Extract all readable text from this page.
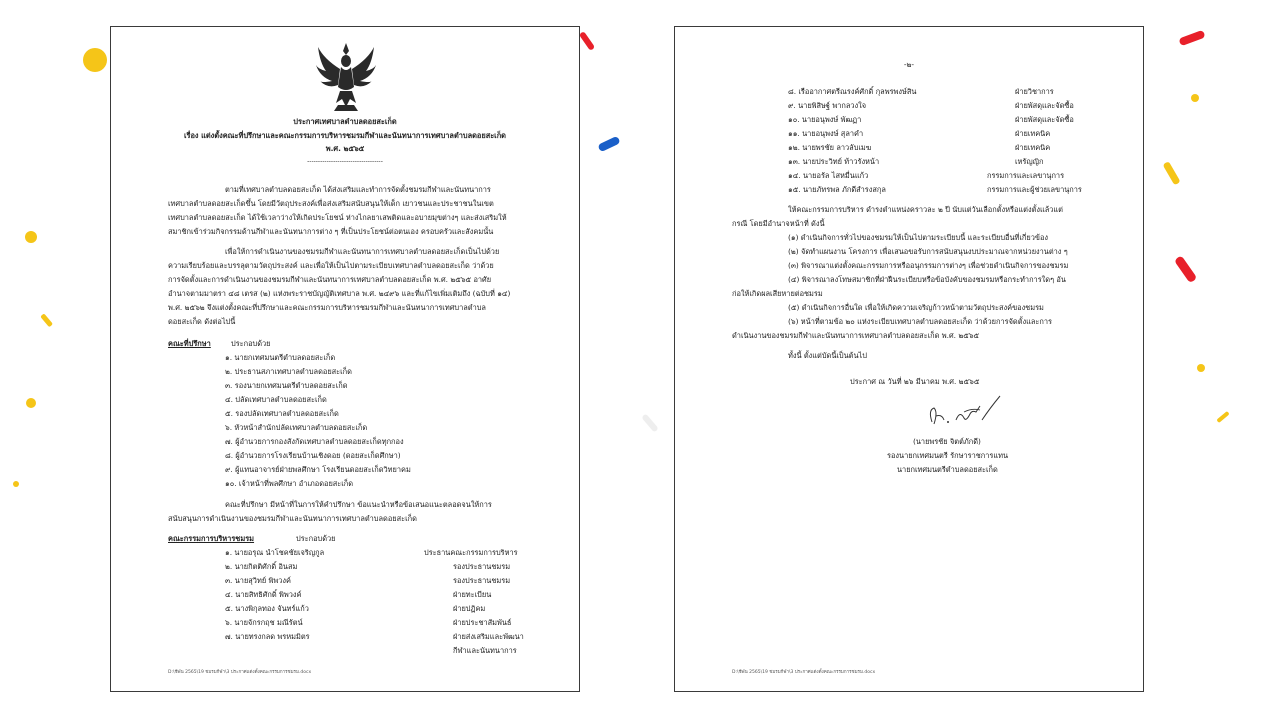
ประกาศเทศบาลตำบลดอยสะเก็ด
เรื่อง แต่งตั้งคณะที่ปรึกษาและคณะกรรมการบริหารชมรมกีฬาและนันทนาการเทศบาลตำบลดอยสะเก็ด
พ.ศ. ๒๕๖๕
-----------------------------------
ตามที่เทศบาลตำบลดอยสะเก็ด ได้ส่งเสริมและทำการจัดตั้งชมรมกีฬาและนันทนาการ
เทศบาลตำบลดอยสะเก็ดขึ้น โดยมีวัตถุประสงค์เพื่อส่งเสริมสนับสนุนให้เด็ก เยาวชนและประชาชนในเขต
เทศบาลตำบลดอยสะเก็ด ได้ใช้เวลาว่างให้เกิดประโยชน์ ห่างไกลยาเสพติดและอบายมุขต่างๆ และส่งเสริมให้
สมาชิกเข้าร่วมกิจกรรมด้านกีฬาและนันทนาการต่าง ๆ ที่เป็นประโยชน์ต่อตนเอง ครอบครัวและสังคมนั้น
เพื่อให้การดำเนินงานของชมรมกีฬาและนันทนาการเทศบาลตำบลดอยสะเก็ดเป็นไปด้วย
ความเรียบร้อยและบรรลุตามวัตถุประสงค์ และเพื่อให้เป็นไปตามระเบียบเทศบาลตำบลดอยสะเก็ด ว่าด้วย
การจัดตั้งและการดำเนินงานของชมรมกีฬาและนันทนาการเทศบาลตำบลดอยสะเก็ด พ.ศ. ๒๕๖๕ อาศัย
อำนาจตามมาตรา ๔๘ เตรส (๒) แห่งพระราชบัญญัติเทศบาล พ.ศ. ๒๔๙๖ และที่แก้ไขเพิ่มเติมถึง (ฉบับที่ ๑๔)
พ.ศ. ๒๕๖๒ จึงแต่งตั้งคณะที่ปรึกษาและคณะกรรมการบริหารชมรมกีฬาและนันทนาการเทศบาลตำบล
ดอยสะเก็ด ดังต่อไปนี้
คณะที่ปรึกษา	ประกอบด้วย
๑. นายกเทศมนตรีตำบลดอยสะเก็ด
๒. ประธานสภาเทศบาลตำบลดอยสะเก็ด
๓. รองนายกเทศมนตรีตำบลดอยสะเก็ด
๔. ปลัดเทศบาลตำบลดอยสะเก็ด
๕. รองปลัดเทศบาลตำบลดอยสะเก็ด
๖. หัวหน้าสำนักปลัดเทศบาลตำบลดอยสะเก็ด
๗. ผู้อำนวยการกองสังกัดเทศบาลตำบลดอยสะเก็ดทุกกอง
๘. ผู้อำนวยการโรงเรียนบ้านเชิงดอย (ดอยสะเก็ดศึกษา)
๙. ผู้แทนอาจารย์ฝ่ายพลศึกษา โรงเรียนดอยสะเก็ดวิทยาคม
๑๐. เจ้าหน้าที่พลศึกษา อำเภอดอยสะเก็ด
คณะที่ปรึกษา มีหน้าที่ในการให้คำปรึกษา ข้อแนะนำหรือข้อเสนอแนะตลอดจนให้การ
สนับสนุนการดำเนินงานของชมรมกีฬาและนันทนาการเทศบาลตำบลดอยสะเก็ด
คณะกรรมการบริหารชมรม	ประกอบด้วย
๑. นายอรุณ นำโชคชัยเจริญกูล	ประธานคณะกรรมการบริหาร
๒. นายกิตติศักดิ์ อินสม	รองประธานชมรม
๓. นายสุวิทย์ พิพวงค์	รองประธานชมรม
๔. นายสิทธิศักดิ์ พิพวงค์	ฝ่ายทะเบียน
๕. นางพิกุลทอง จันทร์แก้ว	ฝ่ายปฏิคม
๖. นายจักรกฤช มณีรัตน์	ฝ่ายประชาสัมพันธ์
๗. นายทรงกลด พรหมมิตร	ฝ่ายส่งเสริมและพัฒนา
กีฬาและนันทนาการ
D:\ชีฬน 2565\19 ชมรมกีฬา\3 ประกาศแต่งตั้งคณะกรรมการชมรม.docx
-๒-
๘. เรืออากาศตรีณรงค์ศักดิ์ กุลพรพงษ์สิน	ฝ่ายวิชาการ
๙. นายพิสิษฐ์ พากลวงใจ	ฝ่ายพัสดุและจัดซื้อ
๑๐. นายอนุพงษ์ พัฒฏา	ฝ่ายพัสดุและจัดซื้อ
๑๑. นายอนุพงษ์ สุลาคำ	ฝ่ายเทคนิค
๑๒. นายพรชัย ลาวลับเมฆ	ฝ่ายเทคนิค
๑๓. นายประวิทย์ ท้าวรังหน้า	เหรัญญิก
๑๔. นายอรัล ไสหมื่นแก้ว	กรรมการและเลขานุการ
๑๕. นายภัทรพล ภักดีสำรงสกุล	กรรมการและผู้ช่วยเลขานุการ
ให้คณะกรรมการบริหาร ดำรงตำแหน่งคราวละ ๒ ปี นับแต่วันเลือกตั้งหรือแต่งตั้งแล้วแต่
กรณี โดยมีอำนาจหน้าที่ ดังนี้
(๑) ดำเนินกิจการทั่วไปของชมรมให้เป็นไปตามระเบียบนี้ และระเบียบอื่นที่เกี่ยวข้อง
(๒) จัดทำแผนงาน โครงการ เพื่อเสนอขอรับการสนับสนุนงบประมาณจากหน่วยงานต่าง ๆ
(๓) พิจารณาแต่งตั้งคณะกรรมการหรืออนุกรรมการต่างๆ เพื่อช่วยดำเนินกิจการของชมรม
(๔) พิจารณาลงโทษสมาชิกที่ฝ่าฝืนระเบียบหรือข้อบังคับของชมรมหรือกระทำการใดๆ อัน
ก่อให้เกิดผลเสียหายต่อชมรม
(๕) ดำเนินกิจการอื่นใด เพื่อให้เกิดความเจริญก้าวหน้าตามวัตถุประสงค์ของชมรม
(๖) หน้าที่ตามข้อ ๒๐ แห่งระเบียบเทศบาลตำบลดอยสะเก็ด ว่าด้วยการจัดตั้งและการ
ดำเนินงานของชมรมกีฬาและนันทนาการเทศบาลตำบลดอยสะเก็ด พ.ศ. ๒๕๖๕
ทั้งนี้ ตั้งแต่บัดนี้เป็นต้นไป
ประกาศ ณ วันที่ ๒๖ มีนาคม พ.ศ. ๒๕๖๕
(นายพรชัย จิตต์ภักดี)
รองนายกเทศมนตรี รักษาราชการแทน
นายกเทศมนตรีตำบลดอยสะเก็ด
D:\ชีฬน 2565\19 ชมรมกีฬา\3 ประกาศแต่งตั้งคณะกรรมการชมรม.docx
